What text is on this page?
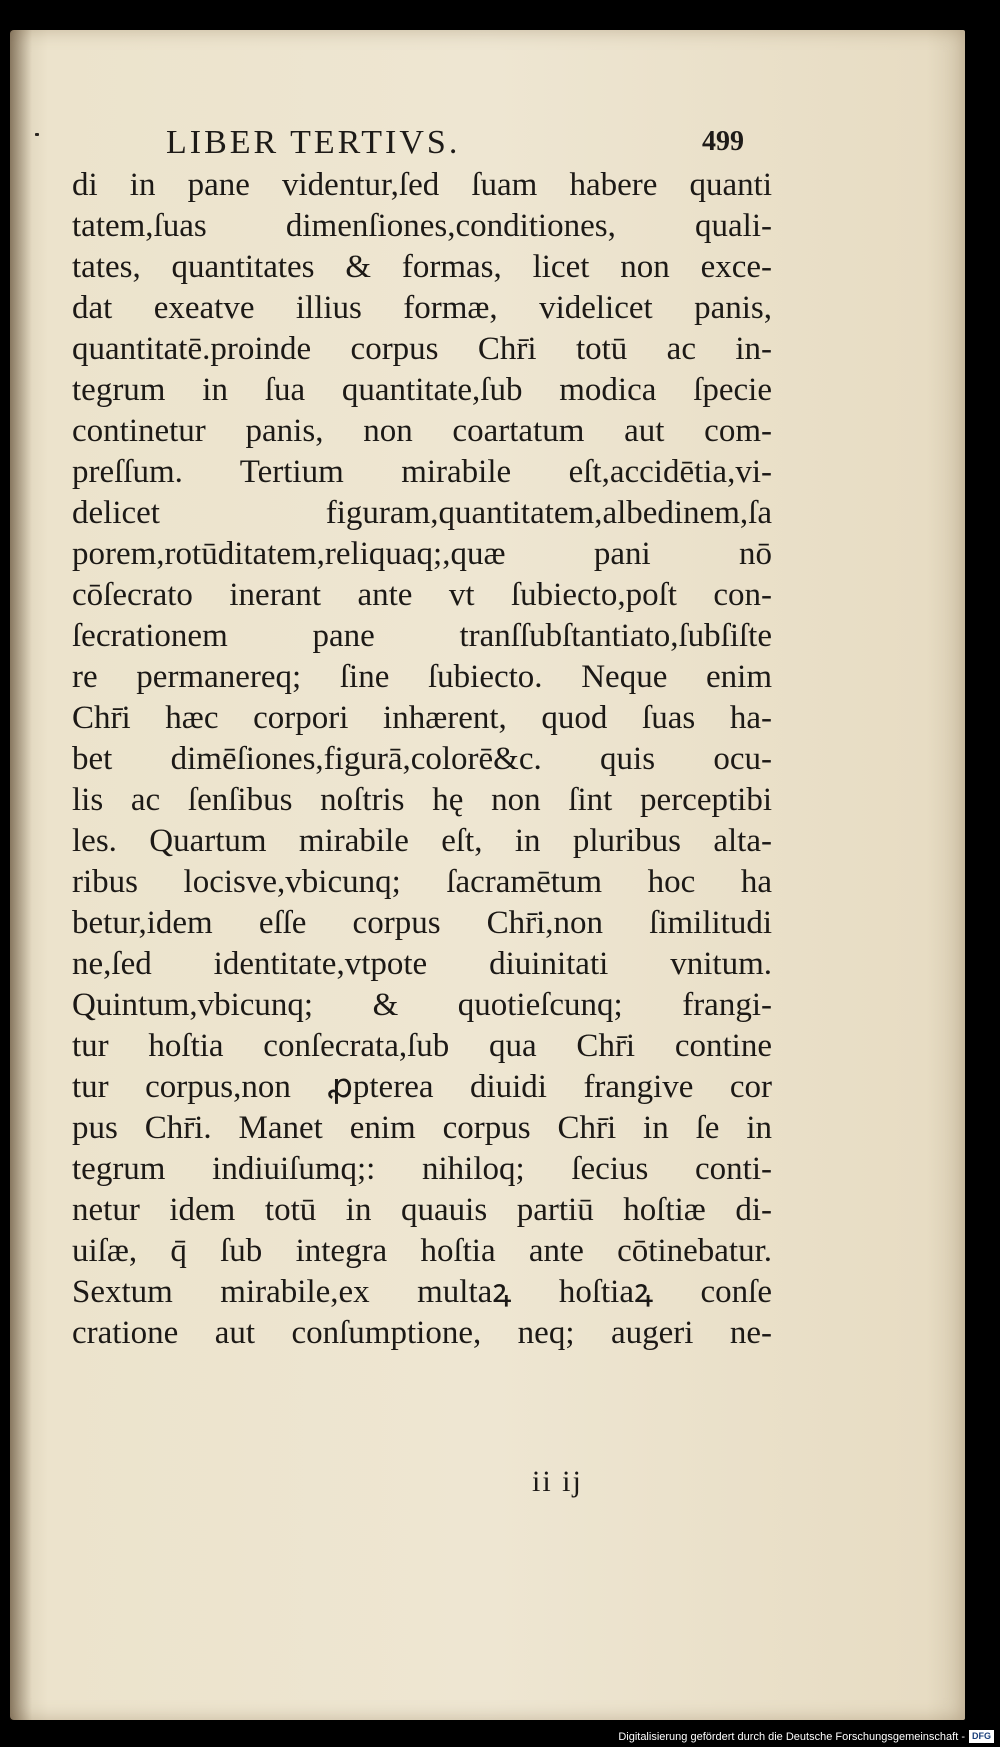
LIBER TERTIVS.	499
di in pane videntur,ſed ſuam habere quanti
tatem,ſuas dimenſiones,conditiones, quali-
tates, quantitates & formas, licet non exce-
dat exeatve illius formæ, videlicet panis,
quantitatē.proinde corpus Chr̄i totū ac in-
tegrum in ſua quantitate,ſub modica ſpecie
continetur panis, non coartatum aut com-
preſſum. Tertium mirabile eſt,accidētia,vi-
delicet figuram,quantitatem,albedinem,ſa
porem,rotūditatem,reliquaq;,quæ pani nō
cōſecrato inerant ante vt ſubiecto,poſt con-
ſecrationem pane tranſſubſtantiato,ſubſiſte
re permanereq; ſine ſubiecto. Neque enim
Chr̄i hæc corpori inhærent, quod ſuas ha-
bet dimēſiones,figurā,colorē&c. quis ocu-
lis ac ſenſibus noſtris hę non ſint perceptibi
les. Quartum mirabile eſt, in pluribus alta-
ribus locisve,vbicunq; ſacramētum hoc ha
betur,idem eſſe corpus Chr̄i,non ſimilitudi
ne,ſed identitate,vtpote diuinitati vnitum.
Quintum,vbicunq; & quotieſcunq; frangi-
tur hoſtia conſecrata,ſub qua Chr̄i contine
tur corpus,non ꝓpterea diuidi frangive cor
pus Chr̄i. Manet enim corpus Chr̄i in ſe in
tegrum indiuiſumq;: nihiloq; ſecius conti-
netur idem totū in quauis partiū hoſtiæ di-
uiſæ, q̄ ſub integra hoſtia ante cōtinebatur.
Sextum mirabile,ex multaꝝ hoſtiaꝝ conſe
cratione aut conſumptione, neq; augeri ne-
ii ij
Digitalisierung gefördert durch die Deutsche Forschungsgemeinschaft - DFG
